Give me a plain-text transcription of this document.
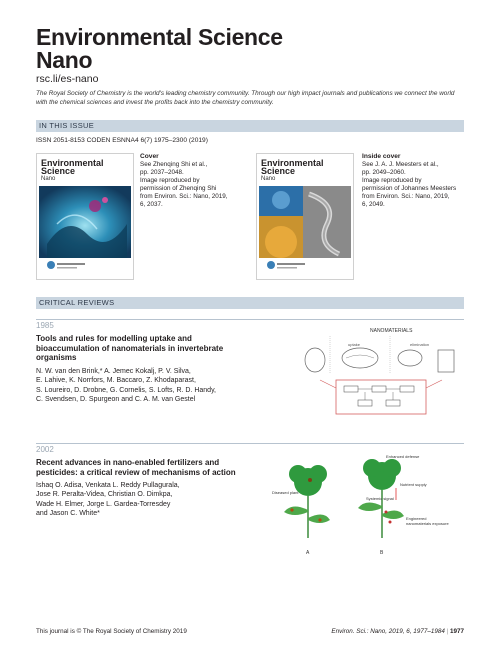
Environmental Science
Nano
rsc.li/es-nano
The Royal Society of Chemistry is the world's leading chemistry community. Through our high impact journals and publications we connect the world with the chemical sciences and invest the profits back into the chemistry community.
IN THIS ISSUE
ISSN 2051-8153 CODEN ESNNA4 6(7) 1975–2300 (2019)
Environmental
Science
Nano
Cover
See Zhenqing Shi et al.,
pp. 2037–2048.
Image reproduced by
permission of Zhenqing Shi
from Environ. Sci.: Nano, 2019,
6, 2037.
Environmental
Science
Nano
Inside cover
See J. A. J. Meesters et al.,
pp. 2049–2060.
Image reproduced by
permission of Johannes Meesters
from Environ. Sci.: Nano, 2019,
6, 2049.
CRITICAL REVIEWS
1985
Tools and rules for modelling uptake and
bioaccumulation of nanomaterials in invertebrate
organisms
N. W. van den Brink,* A. Jemec Kokalj, P. V. Silva,
E. Lahive, K. Norrfors, M. Baccaro, Z. Khodaparast,
S. Loureiro, D. Drobne, G. Cornelis, S. Lofts, R. D. Handy,
C. Svendsen, D. Spurgeon and C. A. M. van Gestel
NANOMATERIALS
uptake	elimination
2002
Recent advances in nano-enabled fertilizers and
pesticides: a critical review of mechanisms of action
Ishaq O. Adisa, Venkata L. Reddy Pullagurala,
Jose R. Peralta-Videa, Christian O. Dimkpa,
Wade H. Elmer, Jorge L. Gardea-Torresdey
and Jason C. White*
Diseased plant
A
Enhanced defense
Nutrient supply
Systemic signal
Engineered
nanomaterials exposure
B
This journal is © The Royal Society of Chemistry 2019	Environ. Sci.: Nano, 2019, 6, 1977–1984 | 1977
